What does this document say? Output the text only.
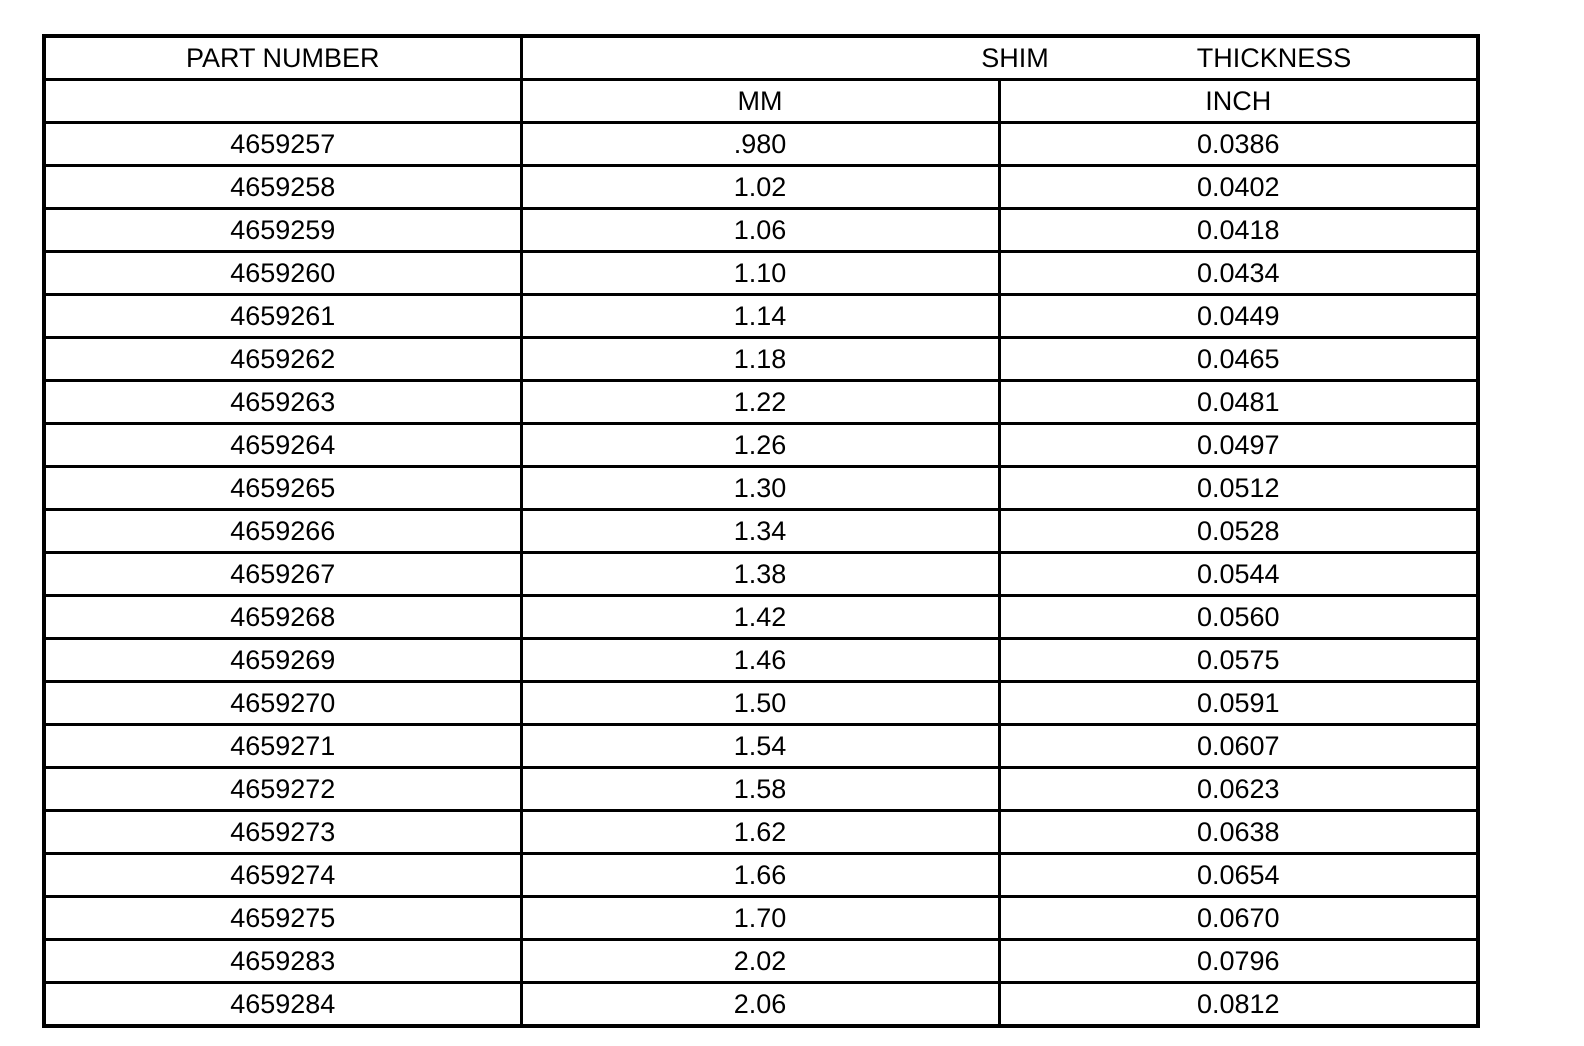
PART NUMBER	SHIM THICKNESS	
	MM	INCH
4659257	.980	0.0386
4659258	1.02	0.0402
4659259	1.06	0.0418
4659260	1.10	0.0434
4659261	1.14	0.0449
4659262	1.18	0.0465
4659263	1.22	0.0481
4659264	1.26	0.0497
4659265	1.30	0.0512
4659266	1.34	0.0528
4659267	1.38	0.0544
4659268	1.42	0.0560
4659269	1.46	0.0575
4659270	1.50	0.0591
4659271	1.54	0.0607
4659272	1.58	0.0623
4659273	1.62	0.0638
4659274	1.66	0.0654
4659275	1.70	0.0670
4659283	2.02	0.0796
4659284	2.06	0.0812
